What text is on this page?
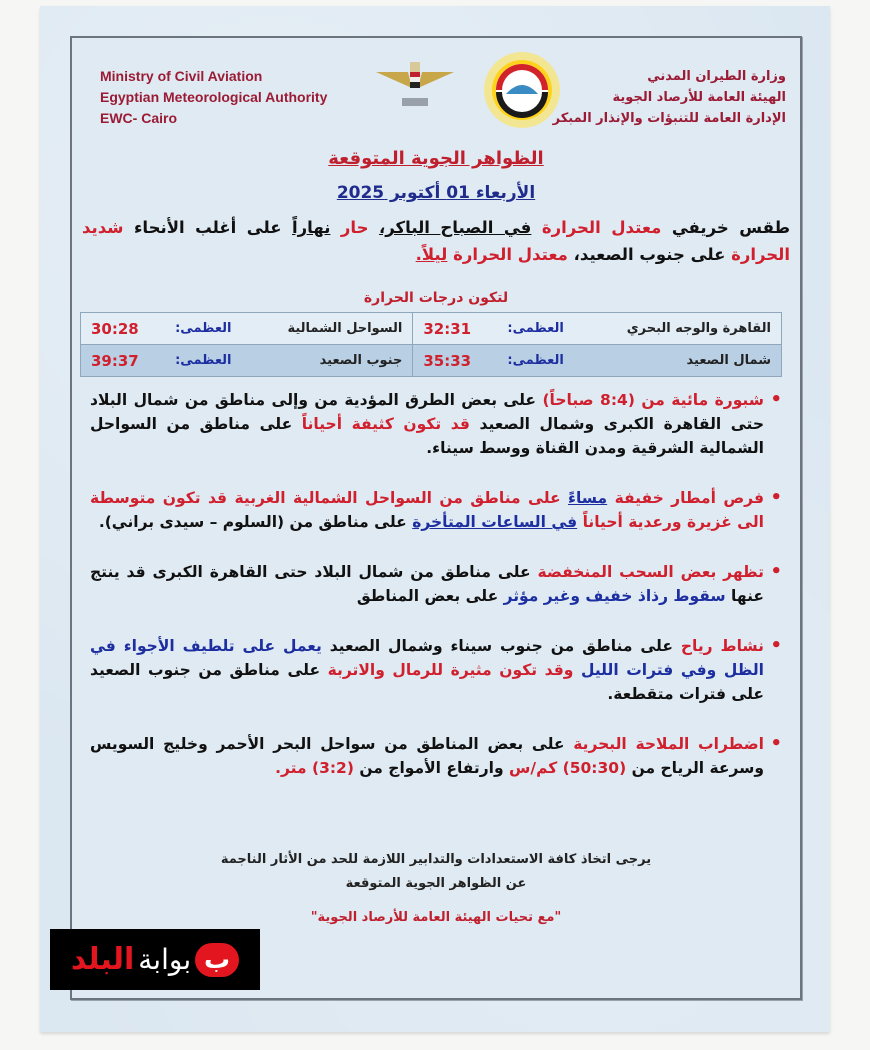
Ministry of Civil Aviation
Egyptian Meteorological Authority
EWC- Cairo
وزارة الطيران المدني
الهيئة العامة للأرصاد الجوية
الإدارة العامة للتنبؤات والإنذار المبكر
الظواهر الجوية المتوقعة
الأربعاء 01 أكتوبر 2025
طقس خريفي معتدل الحرارة في الصباح الباكر، حار نهاراً على أغلب الأنحاء شديد الحرارة على جنوب الصعيد، معتدل الحرارة ليلاً.
لتكون درجات الحرارة
القاهرة والوجه البحري	العظمى:	32:31	السواحل الشمالية	العظمى:	30:28
شمال الصعيد	العظمى:	35:33	جنوب الصعيد	العظمى:	39:37
• شبورة مائية من (8:4 صباحاً) على بعض الطرق المؤدية من وإلى مناطق من شمال البلاد حتى القاهرة الكبرى وشمال الصعيد قد تكون كثيفة أحياناً على مناطق من السواحل الشمالية الشرقية ومدن القناة ووسط سيناء.
• فرص أمطار خفيفة مساءً على مناطق من السواحل الشمالية الغربية قد تكون متوسطة الى غزيرة ورعدية أحياناً في الساعات المتأخرة على مناطق من (السلوم – سيدى براني).
• تظهر بعض السحب المنخفضة على مناطق من شمال البلاد حتى القاهرة الكبرى قد ينتج عنها سقوط رذاذ خفيف وغير مؤثر على بعض المناطق
• نشاط رياح على مناطق من جنوب سيناء وشمال الصعيد يعمل على تلطيف الأجواء في الظل وفي فترات الليل وقد تكون مثيرة للرمال والاتربة على مناطق من جنوب الصعيد على فترات متقطعة.
• اضطراب الملاحة البحرية على بعض المناطق من سواحل البحر الأحمر وخليج السويس وسرعة الرياح من (50:30) كم/س وارتفاع الأمواج من (3:2) متر.
يرجى اتخاذ كافة الاستعدادات والتدابير اللازمة للحد من الأثار الناجمة
عن الظواهر الجوية المتوقعة
"مع تحيات الهيئة العامة للأرصاد الجوية"
ب
بوابة
البلد
